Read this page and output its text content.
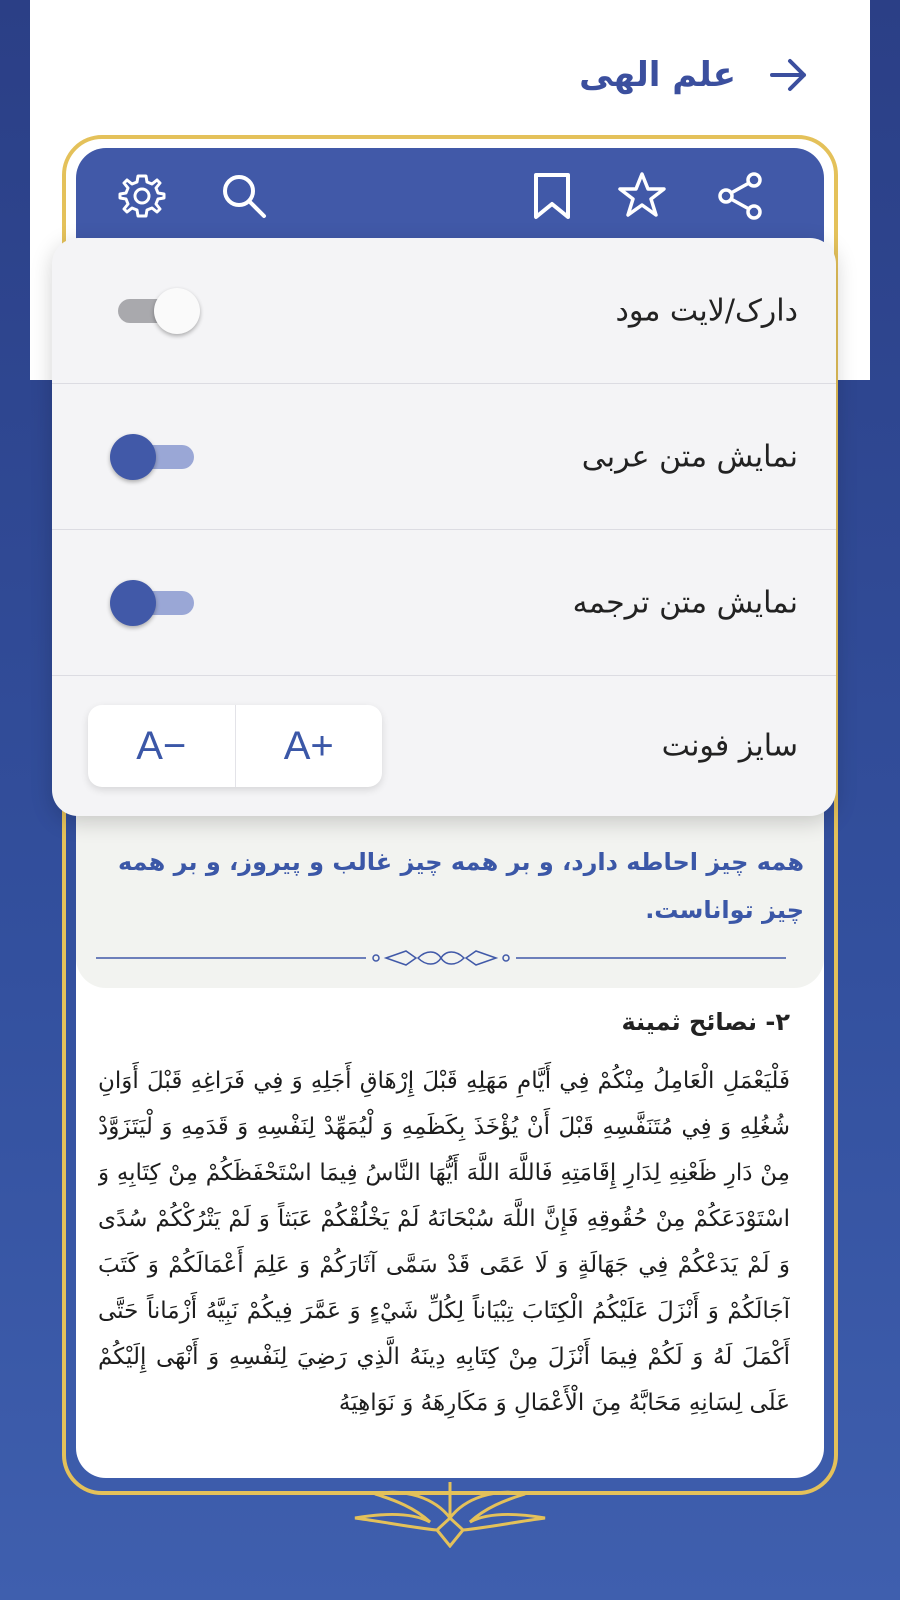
علم الهی
همه چیز احاطه دارد، و بر همه چیز غالب و پیروز، و بر همه چیز تواناست.
۲- نصائح ثمینة
فَلْيَعْمَلِ الْعَامِلُ مِنْكُمْ فِي أَيَّامِ مَهَلِهِ قَبْلَ إِرْهَاقِ أَجَلِهِ وَ فِي فَرَاغِهِ قَبْلَ أَوَانِ شُغُلِهِ وَ فِي مُتَنَفَّسِهِ قَبْلَ أَنْ يُؤْخَذَ بِكَظَمِهِ وَ لْيُمَهِّدْ لِنَفْسِهِ وَ قَدَمِهِ وَ لْيَتَزَوَّدْ مِنْ دَارِ ظَعْنِهِ لِدَارِ إِقَامَتِهِ فَاللَّهَ اللَّهَ أَيُّهَا النَّاسُ فِيمَا اسْتَحْفَظَكُمْ مِنْ كِتَابِهِ وَ اسْتَوْدَعَكُمْ مِنْ حُقُوقِهِ فَإِنَّ اللَّهَ سُبْحَانَهُ لَمْ يَخْلُقْكُمْ عَبَثاً وَ لَمْ يَتْرُكْكُمْ سُدًى وَ لَمْ يَدَعْكُمْ فِي جَهَالَةٍ وَ لَا عَمًى قَدْ سَمَّى آثَارَكُمْ وَ عَلِمَ أَعْمَالَكُمْ وَ كَتَبَ آجَالَكُمْ وَ أَنْزَلَ عَلَيْكُمُ الْكِتَابَ تِبْيَاناً لِكُلِّ شَيْءٍ وَ عَمَّرَ فِيكُمْ نَبِيَّهُ أَزْمَاناً حَتَّى أَكْمَلَ لَهُ وَ لَكُمْ فِيمَا أَنْزَلَ مِنْ كِتَابِهِ دِينَهُ الَّذِي رَضِيَ لِنَفْسِهِ وَ أَنْهَى إِلَيْكُمْ عَلَى لِسَانِهِ مَحَابَّهُ مِنَ الْأَعْمَالِ وَ مَكَارِهَهُ وَ نَوَاهِيَهُ
دارک/لایت مود
نمایش متن عربی
نمایش متن ترجمه
سایز فونت
A−	A+
